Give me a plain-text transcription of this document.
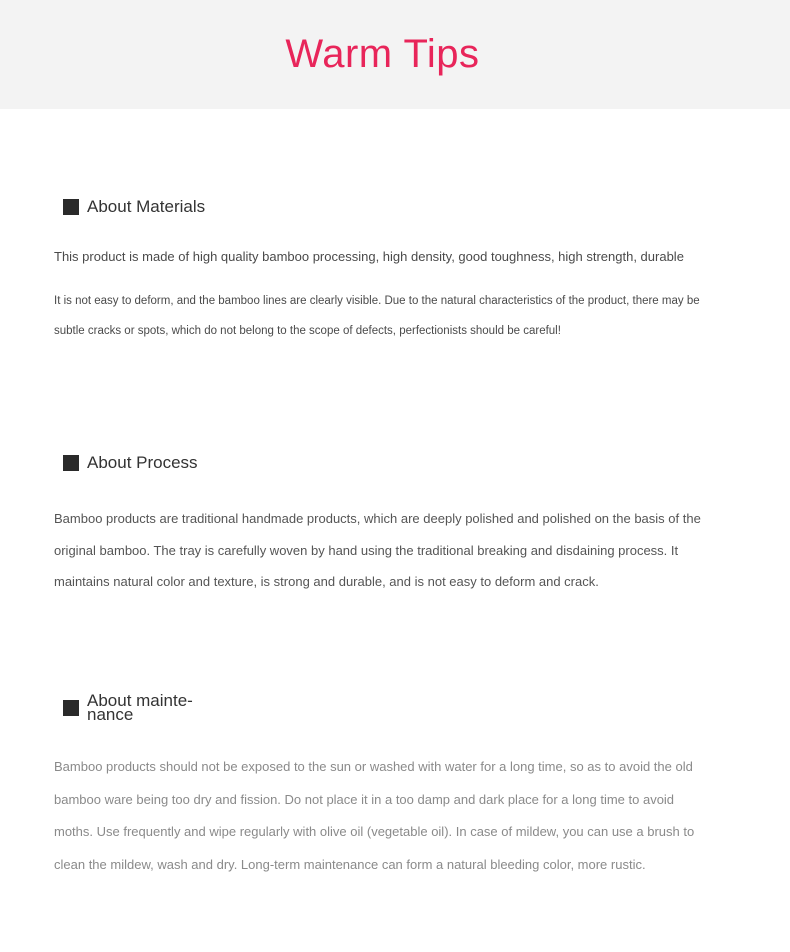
Warm Tips
About Materials
This product is made of high quality bamboo processing, high density, good toughness, high strength, durable
It is not easy to deform, and the bamboo lines are clearly visible. Due to the natural characteristics of the product, there may be subtle cracks or spots, which do not belong to the scope of defects, perfectionists should be careful!
About Process
Bamboo products are traditional handmade products, which are deeply polished and polished on the basis of the original bamboo. The tray is carefully woven by hand using the traditional breaking and disdaining process. It maintains natural color and texture, is strong and durable, and is not easy to deform and crack.
About mainte- nance
Bamboo products should not be exposed to the sun or washed with water for a long time, so as to avoid the old bamboo ware being too dry and fission. Do not place it in a too damp and dark place for a long time to avoid moths. Use frequently and wipe regularly with olive oil (vegetable oil). In case of mildew, you can use a brush to clean the mildew, wash and dry. Long-term maintenance can form a natural bleeding color, more rustic.
